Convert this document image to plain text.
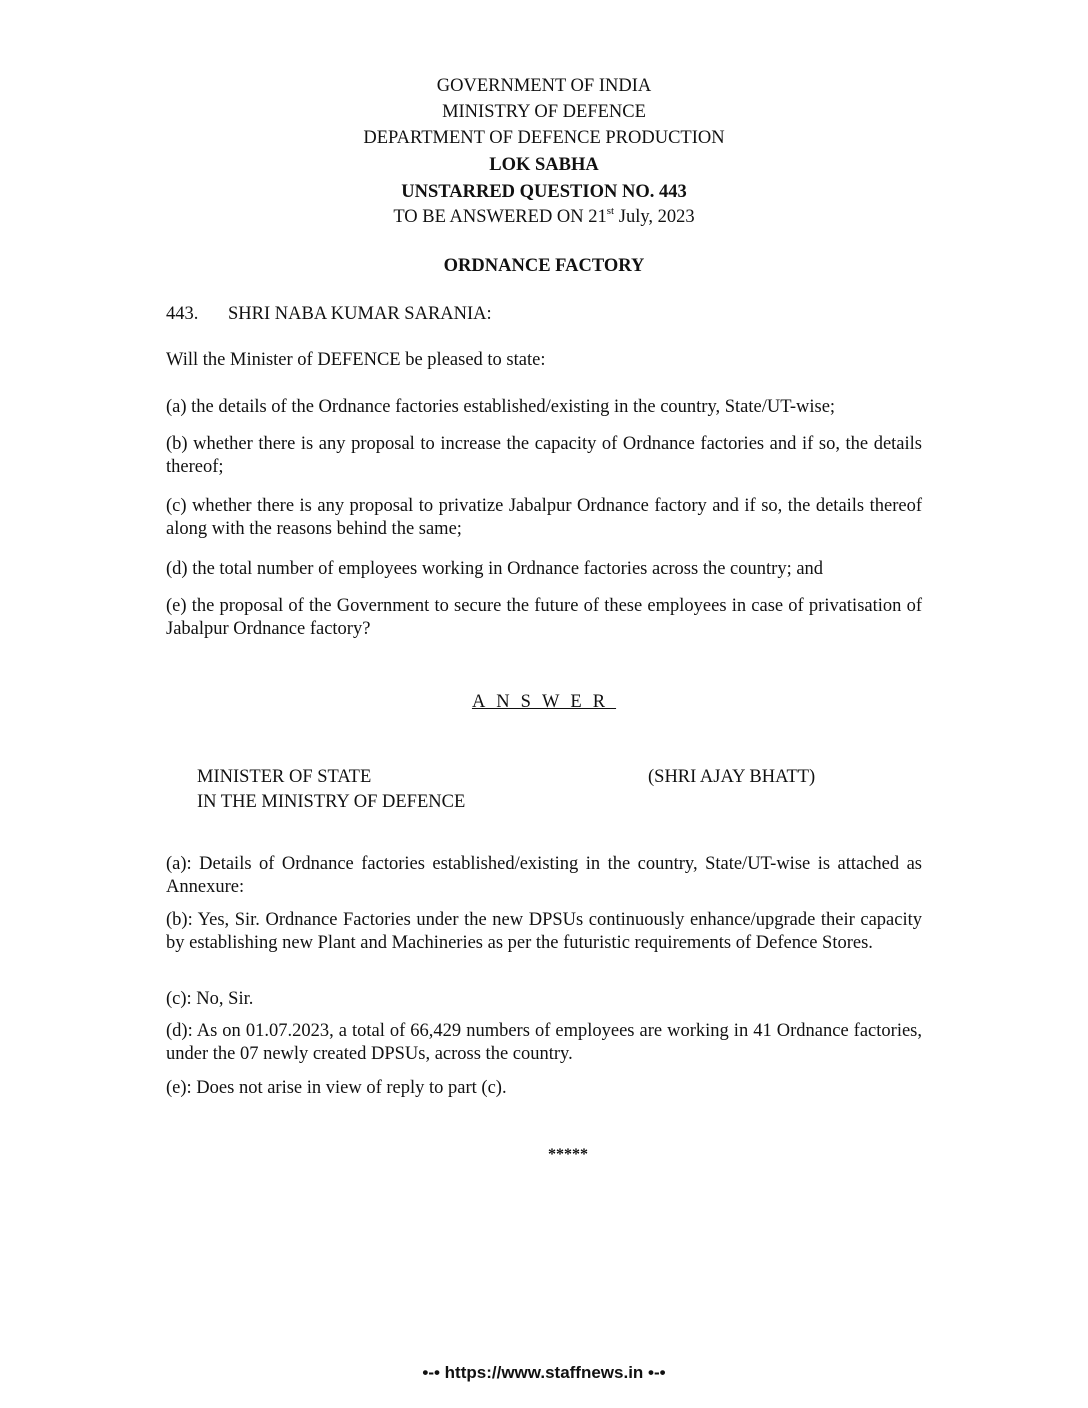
GOVERNMENT OF INDIA
MINISTRY OF DEFENCE
DEPARTMENT OF DEFENCE PRODUCTION
LOK SABHA
UNSTARRED QUESTION NO. 443
TO BE ANSWERED ON 21st July, 2023
ORDNANCE FACTORY
443. SHRI NABA KUMAR SARANIA:
Will the Minister of DEFENCE be pleased to state:
(a) the details of the Ordnance factories established/existing in the country, State/UT-wise;
(b) whether there is any proposal to increase the capacity of Ordnance factories and if so, the details thereof;
(c) whether there is any proposal to privatize Jabalpur Ordnance factory and if so, the details thereof along with the reasons behind the same;
(d) the total number of employees working in Ordnance factories across the country; and
(e) the proposal of the Government to secure the future of these employees in case of privatisation of Jabalpur Ordnance factory?
ANSWER
MINISTER OF STATE
IN THE MINISTRY OF DEFENCE
(SHRI AJAY BHATT)
(a): Details of Ordnance factories established/existing in the country, State/UT-wise is attached as Annexure:
(b): Yes, Sir. Ordnance Factories under the new DPSUs continuously enhance/upgrade their capacity by establishing new Plant and Machineries as per the futuristic requirements of Defence Stores.
(c): No, Sir.
(d): As on 01.07.2023, a total of 66,429 numbers of employees are working in 41 Ordnance factories, under the 07 newly created DPSUs, across the country.
(e): Does not arise in view of reply to part (c).
*****
•-• https://www.staffnews.in •-•
